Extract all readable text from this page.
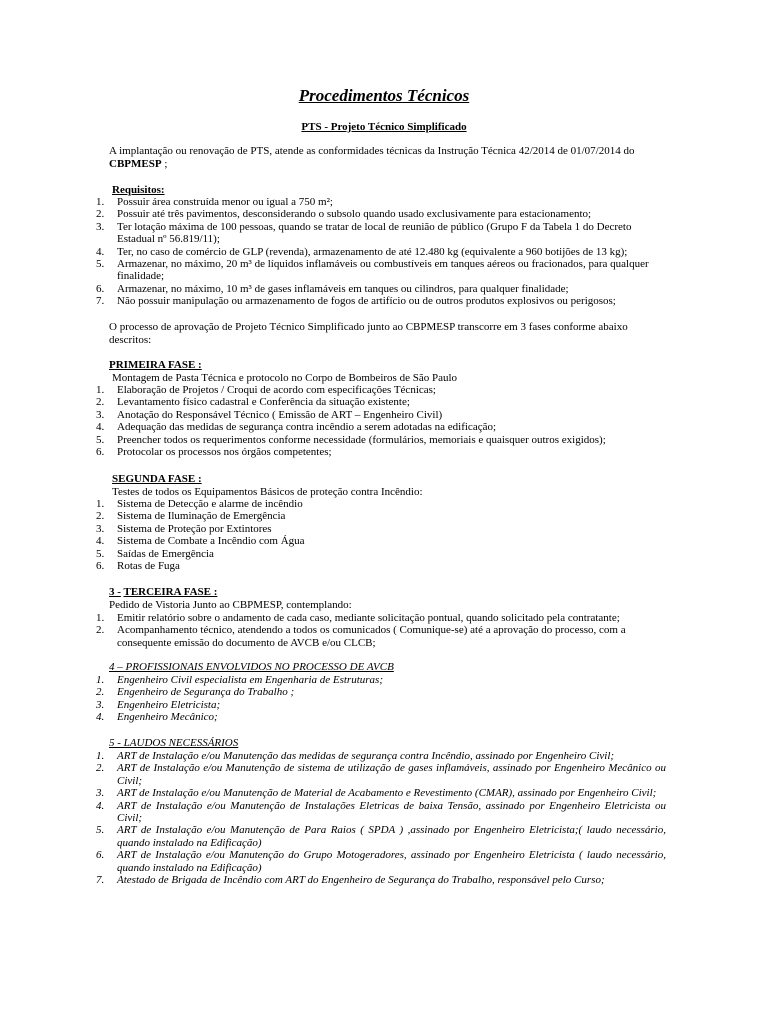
Procedimentos Técnicos
PTS - Projeto Técnico Simplificado
A implantação ou renovação de PTS, atende as conformidades técnicas da Instrução Técnica 42/2014 de 01/07/2014 do CBPMESP ;
Requisitos:
1.	Possuir área construída menor ou igual a 750 m²;
2.	Possuir até três pavimentos, desconsiderando o subsolo quando usado exclusivamente para estacionamento;
3.	Ter lotação máxima de 100 pessoas, quando se tratar de local de reunião de público (Grupo F da Tabela 1 do Decreto Estadual nº 56.819/11);
4.	Ter, no caso de comércio de GLP (revenda), armazenamento de até 12.480 kg (equivalente a 960 botijões de 13 kg);
5.	Armazenar, no máximo, 20 m³ de líquidos inflamáveis ou combustíveis em tanques aéreos ou fracionados, para qualquer finalidade;
6.	Armazenar, no máximo, 10 m³ de gases inflamáveis em tanques ou cilindros, para qualquer finalidade;
7.	Não possuir manipulação ou armazenamento de fogos de artifício ou de outros produtos explosivos ou perigosos;
O processo de aprovação de Projeto Técnico Simplificado junto ao CBPMESP transcorre em 3 fases conforme abaixo descritos:
PRIMEIRA FASE :
Montagem de Pasta Técnica e protocolo no Corpo de Bombeiros de São Paulo
1.	Elaboração de Projetos / Croqui de acordo com especificações Técnicas;
2.	Levantamento físico cadastral e Conferência da situação existente;
3.	Anotação do Responsável Técnico ( Emissão de ART – Engenheiro Civil)
4.	Adequação das medidas de segurança contra incêndio a serem adotadas na edificação;
5.	Preencher todos os requerimentos conforme necessidade (formulários, memoriais e quaisquer outros exigidos);
6.	Protocolar os processos nos órgãos competentes;
SEGUNDA FASE :
Testes de todos os Equipamentos Básicos de proteção contra Incêndio:
1.	Sistema de Detecção e alarme de incêndio
2.	Sistema de Iluminação de Emergência
3.	Sistema de Proteção por Extintores
4.	Sistema de Combate a Incêndio com Água
5.	Saídas de Emergência
6.	Rotas de Fuga
3 - TERCEIRA FASE :
Pedido de Vistoria Junto ao CBPMESP, contemplando:
1.	Emitir relatório sobre o andamento de cada caso, mediante solicitação pontual, quando solicitado pela contratante;
2.	Acompanhamento técnico, atendendo a todos os comunicados ( Comunique-se) até a aprovação do processo, com a consequente emissão do documento de AVCB e/ou CLCB;
4 – PROFISSIONAIS ENVOLVIDOS NO PROCESSO DE AVCB
1.	Engenheiro Civil especialista em Engenharia de Estruturas;
2.	Engenheiro de Segurança do Trabalho ;
3.	Engenheiro Eletricista;
4.	Engenheiro Mecânico;
5 - LAUDOS NECESSÁRIOS
1.	ART de Instalação e/ou Manutenção das medidas de segurança contra Incêndio, assinado por Engenheiro Civil;
2.	ART de Instalação e/ou Manutenção de sistema de utilização de gases inflamáveis, assinado por Engenheiro Mecânico ou Civil;
3.	ART de Instalação e/ou Manutenção de Material de Acabamento e Revestimento (CMAR), assinado por Engenheiro Civil;
4.	ART de Instalação e/ou Manutenção de Instalações Eletricas de baixa Tensão, assinado por Engenheiro Eletricista ou Civil;
5.	ART de Instalação e/ou Manutenção de Para Raios ( SPDA ) ,assinado por Engenheiro Eletricista;( laudo necessário, quando instalado na Edificação)
6.	ART de Instalação e/ou Manutenção do Grupo Motogeradores, assinado por Engenheiro Eletricista ( laudo necessário, quando instalado na Edificação)
7.	Atestado de Brigada de Incêndio com ART do Engenheiro de Segurança do Trabalho, responsável pelo Curso;
